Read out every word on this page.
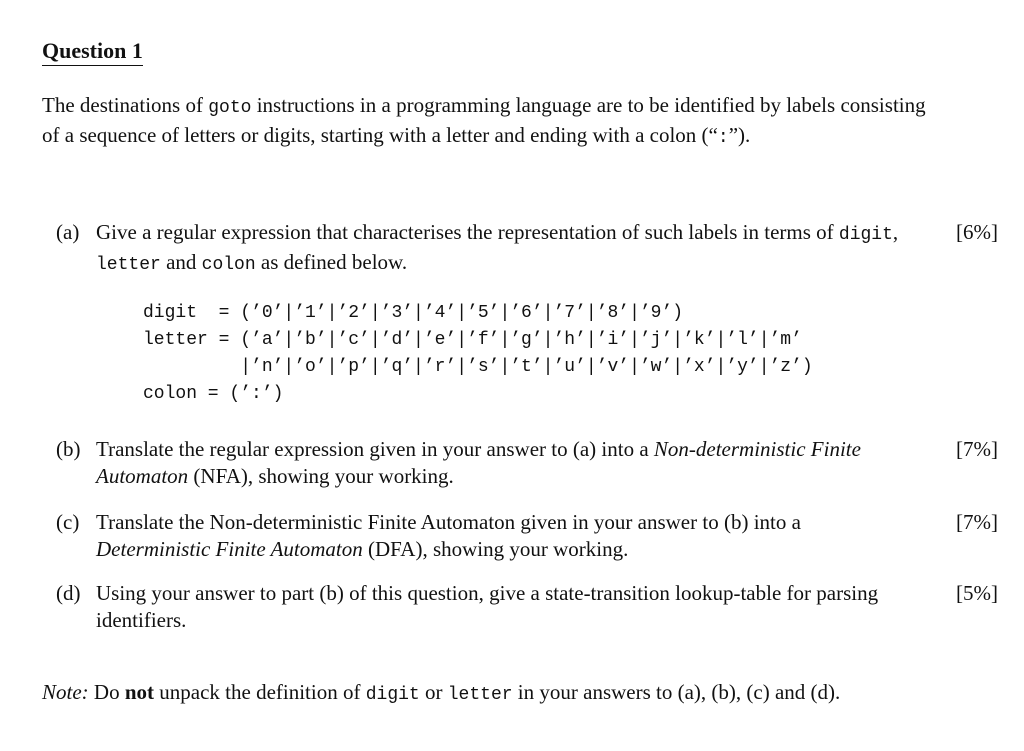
Question 1
The destinations of goto instructions in a programming language are to be identified by labels consisting of a sequence of letters or digits, starting with a letter and ending with a colon (“:”).
(a) Give a regular expression that characterises the representation of such labels in terms of digit, letter and colon as defined below.
[6%]
digit  = (’0’|’1’|’2’|’3’|’4’|’5’|’6’|’7’|’8’|’9’)
letter = (’a’|’b’|’c’|’d’|’e’|’f’|’g’|’h’|’i’|’j’|’k’|’l’|’m’
|’n’|’o’|’p’|’q’|’r’|’s’|’t’|’u’|’v’|’w’|’x’|’y’|’z’)
colon = (’:’)
(b) Translate the regular expression given in your answer to (a) into a Non-deterministic Finite Automaton (NFA), showing your working.
[7%]
(c) Translate the Non-deterministic Finite Automaton given in your answer to (b) into a Deterministic Finite Automaton (DFA), showing your working.
[7%]
(d) Using your answer to part (b) of this question, give a state-transition lookup-table for parsing identifiers.
[5%]
Note: Do not unpack the definition of digit or letter in your answers to (a), (b), (c) and (d).
